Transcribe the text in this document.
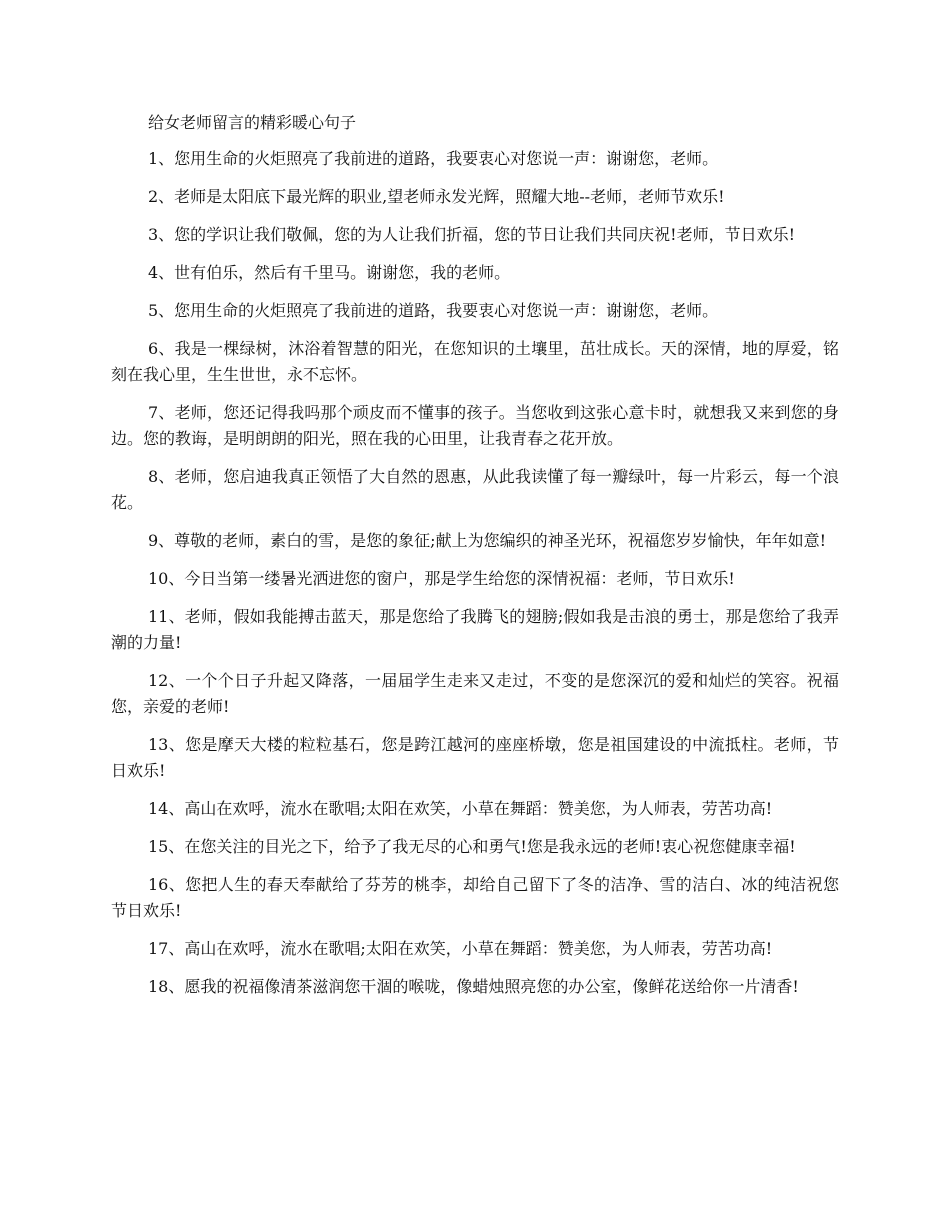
给女老师留言的精彩暖心句子

1、您用生命的火炬照亮了我前进的道路，我要衷心对您说一声：谢谢您，老师。

2、老师是太阳底下最光辉的职业,望老师永发光辉，照耀大地--老师，老师节欢乐!

3、您的学识让我们敬佩，您的为人让我们折福，您的节日让我们共同庆祝!老师，节日欢乐!

4、世有伯乐，然后有千里马。谢谢您，我的老师。

5、您用生命的火炬照亮了我前进的道路，我要衷心对您说一声：谢谢您，老师。

6、我是一棵绿树，沐浴着智慧的阳光，在您知识的土壤里，茁壮成长。天的深情，地的厚爱，铭刻在我心里，生生世世，永不忘怀。

7、老师，您还记得我吗那个顽皮而不懂事的孩子。当您收到这张心意卡时，就想我又来到您的身边。您的教诲，是明朗朗的阳光，照在我的心田里，让我青春之花开放。

8、老师，您启迪我真正领悟了大自然的恩惠，从此我读懂了每一瓣绿叶，每一片彩云，每一个浪花。

9、尊敬的老师，素白的雪，是您的象征;献上为您编织的神圣光环，祝福您岁岁愉快，年年如意!

10、今日当第一缕暑光洒进您的窗户，那是学生给您的深情祝福：老师，节日欢乐!

11、老师，假如我能搏击蓝天，那是您给了我腾飞的翅膀;假如我是击浪的勇士，那是您给了我弄潮的力量!

12、一个个日子升起又降落，一届届学生走来又走过，不变的是您深沉的爱和灿烂的笑容。祝福您，亲爱的老师!

13、您是摩天大楼的粒粒基石，您是跨江越河的座座桥墩，您是祖国建设的中流抵柱。老师，节日欢乐!

14、高山在欢呼，流水在歌唱;太阳在欢笑，小草在舞蹈：赞美您，为人师表，劳苦功高!

15、在您关注的目光之下，给予了我无尽的心和勇气!您是我永远的老师!衷心祝您健康幸福!

16、您把人生的春天奉献给了芬芳的桃李，却给自己留下了冬的洁净、雪的洁白、冰的纯洁祝您节日欢乐!

17、高山在欢呼，流水在歌唱;太阳在欢笑，小草在舞蹈：赞美您，为人师表，劳苦功高!

18、愿我的祝福像清茶滋润您干涸的喉咙，像蜡烛照亮您的办公室，像鲜花送给你一片清香!
